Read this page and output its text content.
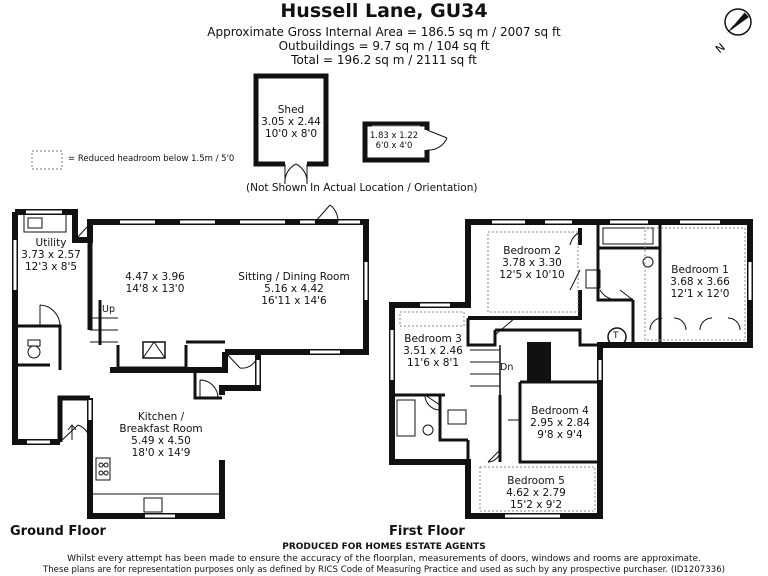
Hussell Lane, GU34
Approximate Gross Internal Area = 186.5 sq m / 2007 sq ft
Outbuildings = 9.7 sq m / 104 sq ft
Total = 196.2 sq m / 2111 sq ft
N
= Reduced headroom below 1.5m / 5'0
Shed
3.05 x 2.44
10'0 x 8'0	1.83 x 1.22
6'0 x 4'0
(Not Shown In Actual Location / Orientation)
Utility
3.73 x 2.57
12'3 x 8'5
4.47 x 3.96
14'8 x 13'0
Sitting / Dining Room
5.16 x 4.42
16'11 x 14'6
Kitchen /
Breakfast Room
5.49 x 4.50
18'0 x 14'9
Up
Bedroom 1
3.68 x 3.66
12'1 x 12'0
Bedroom 2
3.78 x 3.30
12'5 x 10'10
Bedroom 3
3.51 x 2.46
11'6 x 8'1
Bedroom 4
2.95 x 2.84
9'8 x 9'4
Bedroom 5
4.62 x 2.79
15'2 x 9'2
Dn
T
Ground Floor	First Floor
PRODUCED FOR HOMES ESTATE AGENTS
Whilst every attempt has been made to ensure the accuracy of the floorplan, measurements of doors, windows and rooms are approximate.
These plans are for representation purposes only as defined by RICS Code of Measuring Practice and used as such by any prospective purchaser. (ID1207336)
